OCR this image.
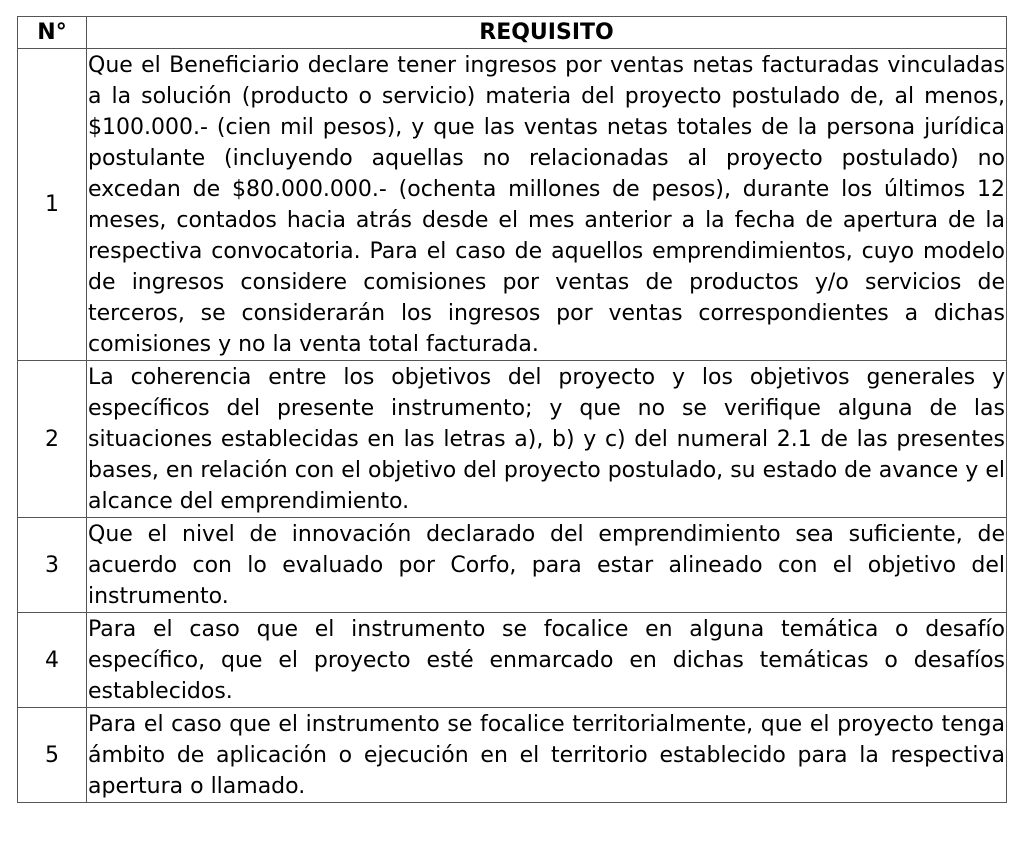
N°	REQUISITO
1	Que el Beneficiario declare tener ingresos por ventas netas facturadas vinculadas a la solución (producto o servicio) materia del proyecto postulado de, al menos, $100.000.- (cien mil pesos), y que las ventas netas totales de la persona jurídica postulante (incluyendo aquellas no relacionadas al proyecto postulado) no excedan de $80.000.000.- (ochenta millones de pesos), durante los últimos 12 meses, contados hacia atrás desde el mes anterior a la fecha de apertura de la respectiva convocatoria. Para el caso de aquellos emprendimientos, cuyo modelo de ingresos considere comisiones por ventas de productos y/o servicios de terceros, se considerarán los ingresos por ventas correspondientes a dichas comisiones y no la venta total facturada.
2	La coherencia entre los objetivos del proyecto y los objetivos generales y específicos del presente instrumento; y que no se verifique alguna de las situaciones establecidas en las letras a), b) y c) del numeral 2.1 de las presentes bases, en relación con el objetivo del proyecto postulado, su estado de avance y el alcance del emprendimiento.
3	Que el nivel de innovación declarado del emprendimiento sea suficiente, de acuerdo con lo evaluado por Corfo, para estar alineado con el objetivo del instrumento.
4	Para el caso que el instrumento se focalice en alguna temática o desafío específico, que el proyecto esté enmarcado en dichas temáticas o desafíos establecidos.
5	Para el caso que el instrumento se focalice territorialmente, que el proyecto tenga ámbito de aplicación o ejecución en el territorio establecido para la respectiva apertura o llamado.
